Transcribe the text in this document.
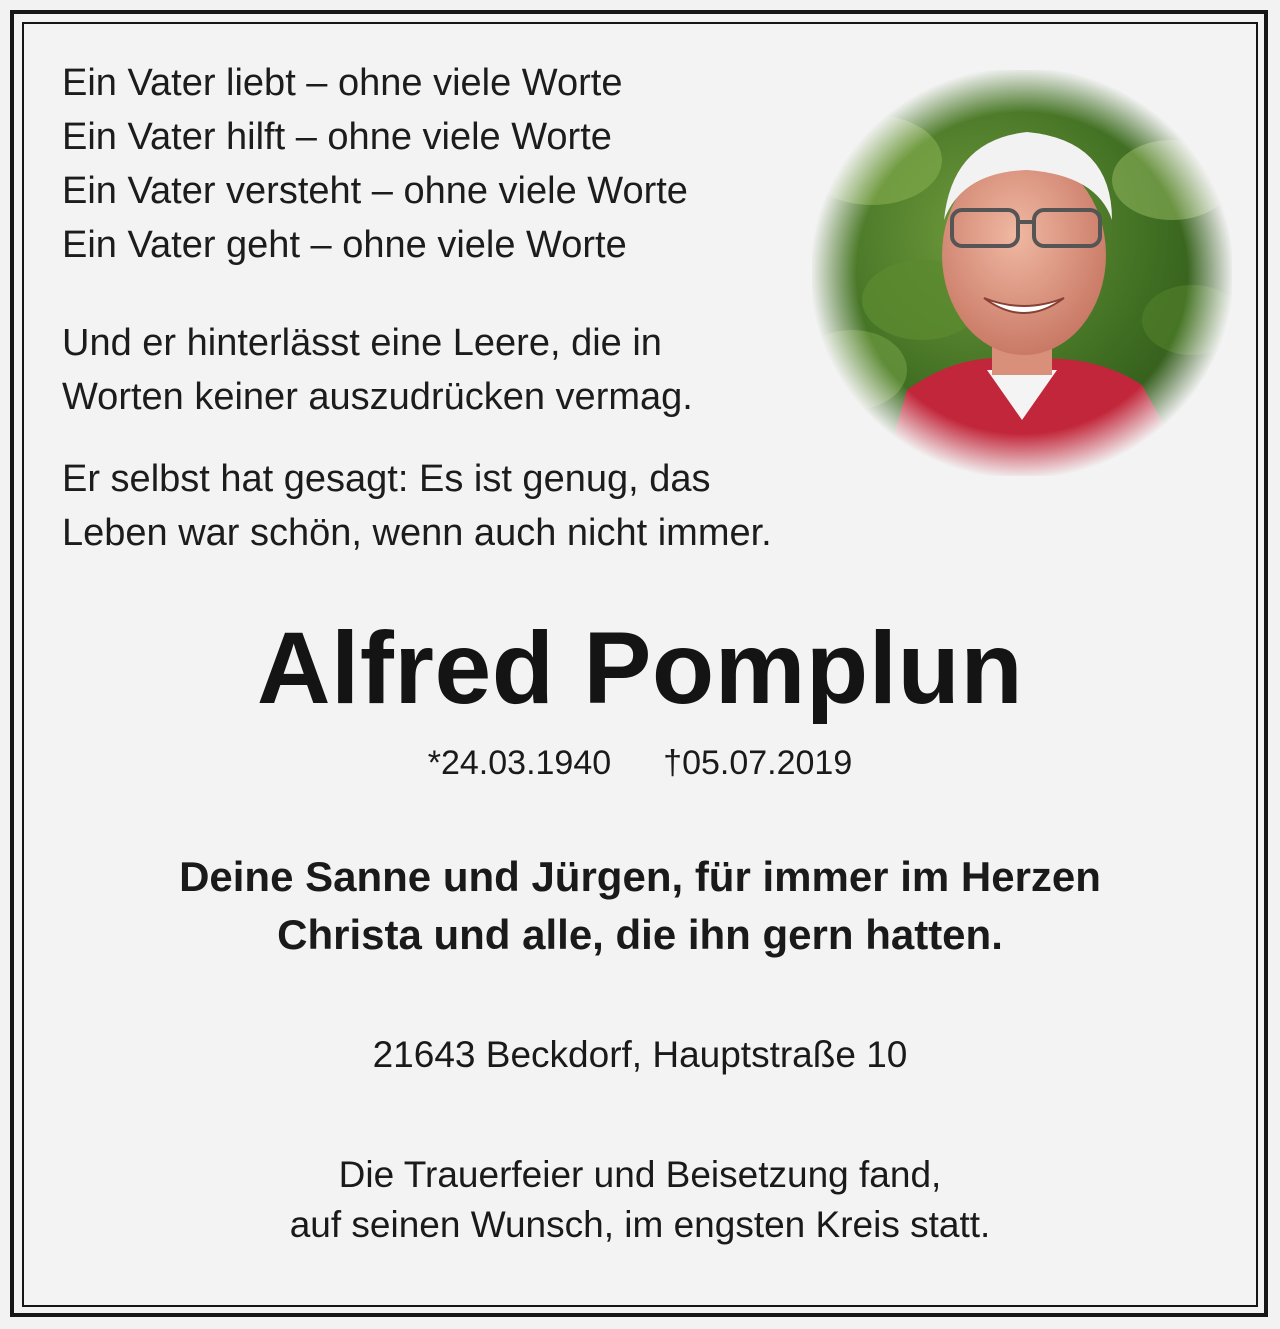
Ein Vater liebt – ohne viele Worte
Ein Vater hilft – ohne viele Worte
Ein Vater versteht – ohne viele Worte
Ein Vater geht – ohne viele Worte
Und er hinterlässt eine Leere, die in
Worten keiner auszudrücken vermag.
Er selbst hat gesagt: Es ist genug, das
Leben war schön, wenn auch nicht immer.
Alfred Pomplun
*24.03.1940 †05.07.2019
Deine Sanne und Jürgen, für immer im Herzen
Christa und alle, die ihn gern hatten.
21643 Beckdorf, Hauptstraße 10
Die Trauerfeier und Beisetzung fand,
auf seinen Wunsch, im engsten Kreis statt.
